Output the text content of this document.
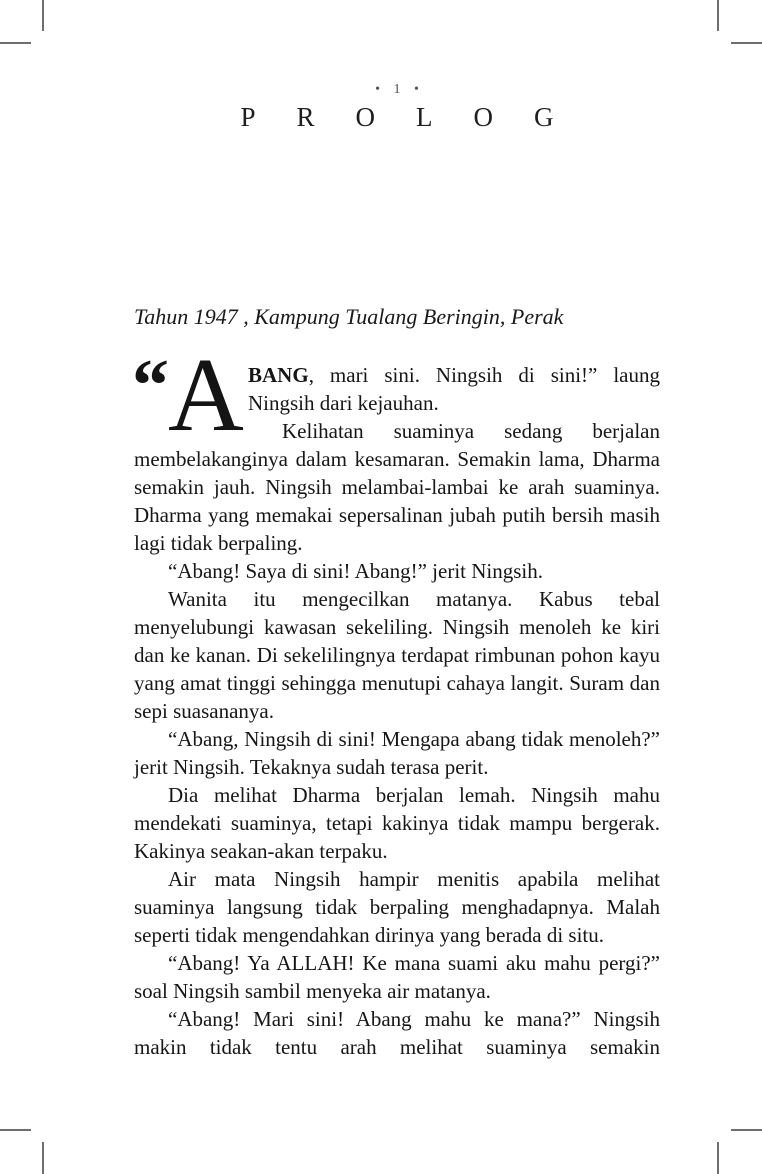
• 1 •
PROLOG
Tahun 1947 , Kampung Tualang Beringin, Perak

“ A BANG, mari sini. Ningsih di sini!” laung Ningsih dari kejauhan.

Kelihatan suaminya sedang berjalan membelakanginya dalam kesamaran. Semakin lama, Dharma semakin jauh. Ningsih melambai-lambai ke arah suaminya. Dharma yang memakai sepersalinan jubah putih bersih masih lagi tidak berpaling.

“Abang! Saya di sini! Abang!” jerit Ningsih.

Wanita itu mengecilkan matanya. Kabus tebal menyelubungi kawasan sekeliling. Ningsih menoleh ke kiri dan ke kanan. Di sekelilingnya terdapat rimbunan pohon kayu yang amat tinggi sehingga menutupi cahaya langit. Suram dan sepi suasananya.

“Abang, Ningsih di sini! Mengapa abang tidak menoleh?” jerit Ningsih. Tekaknya sudah terasa perit.

Dia melihat Dharma berjalan lemah. Ningsih mahu mendekati suaminya, tetapi kakinya tidak mampu bergerak. Kakinya seakan-akan terpaku.

Air mata Ningsih hampir menitis apabila melihat suaminya langsung tidak berpaling menghadapnya. Malah seperti tidak mengendahkan dirinya yang berada di situ.

“Abang! Ya ALLAH! Ke mana suami aku mahu pergi?” soal Ningsih sambil menyeka air matanya.

“Abang! Mari sini! Abang mahu ke mana?” Ningsih makin tidak tentu arah melihat suaminya semakin
